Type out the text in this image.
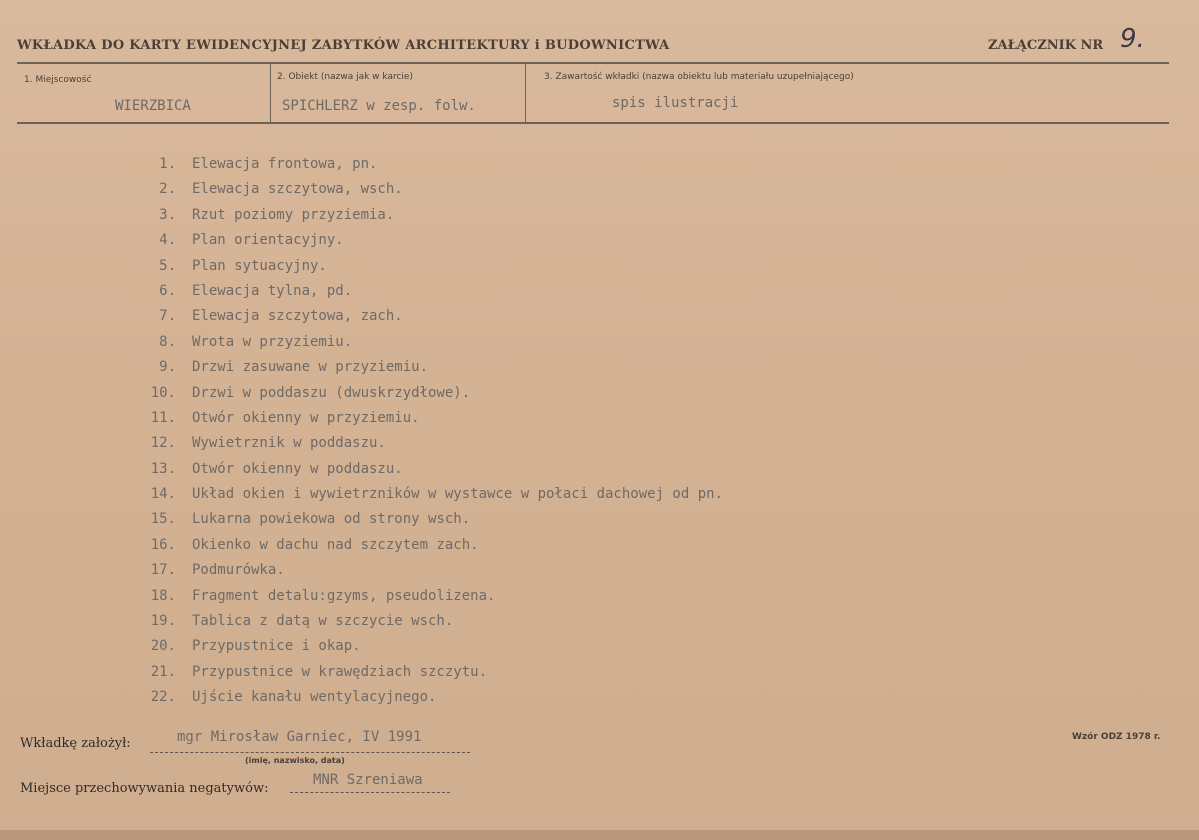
WKŁADKA DO KARTY EWIDENCYJNEJ ZABYTKÓW ARCHITEKTURY i BUDOWNICTWA	ZAŁĄCZNIK NR 9.
1. Miejscowość
WIERZBICA
2. Obiekt (nazwa jak w karcie)
SPICHLERZ w zesp. folw.
3. Zawartość wkładki (nazwa obiektu lub materiału uzupełniającego)
spis ilustracji
1. Elewacja frontowa, pn.
2. Elewacja szczytowa, wsch.
3. Rzut poziomy przyziemia.
4. Plan orientacyjny.
5. Plan sytuacyjny.
6. Elewacja tylna, pd.
7. Elewacja szczytowa, zach.
8. Wrota w przyziemiu.
9. Drzwi zasuwane w przyziemiu.
10. Drzwi w poddaszu (dwuskrzydłowe).
11. Otwór okienny w przyziemiu.
12. Wywietrznik w poddaszu.
13. Otwór okienny w poddaszu.
14. Układ okien i wywietrzników w wystawce w połaci dachowej od pn.
15. Lukarna powiekowa od strony wsch.
16. Okienko w dachu nad szczytem zach.
17. Podmurówka.
18. Fragment detalu:gzyms, pseudolizena.
19. Tablica z datą w szczycie wsch.
20. Przypustnice i okap.
21. Przypustnice w krawędziach szczytu.
22. Ujście kanału wentylacyjnego.
Wkładkę założył:	mgr Mirosław Garniec, IV 1991
(imię, nazwisko, data)
Wzór ODZ 1978 r.
Miejsce przechowywania negatywów:
MNR Szreniawa
